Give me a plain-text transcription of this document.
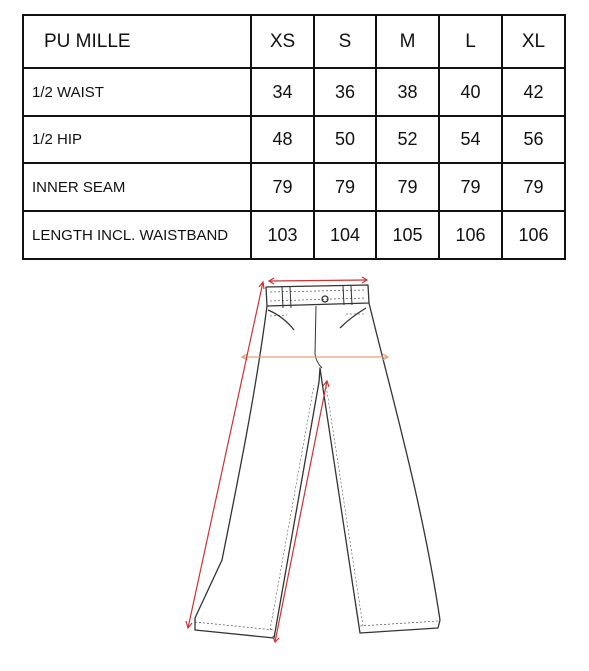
PU MILLE	XS	S	M	L	XL
1/2 WAIST	34	36	38	40	42
1/2 HIP	48	50	52	54	56
INNER SEAM	79	79	79	79	79
LENGTH INCL. WAISTBAND	103	104	105	106	106
